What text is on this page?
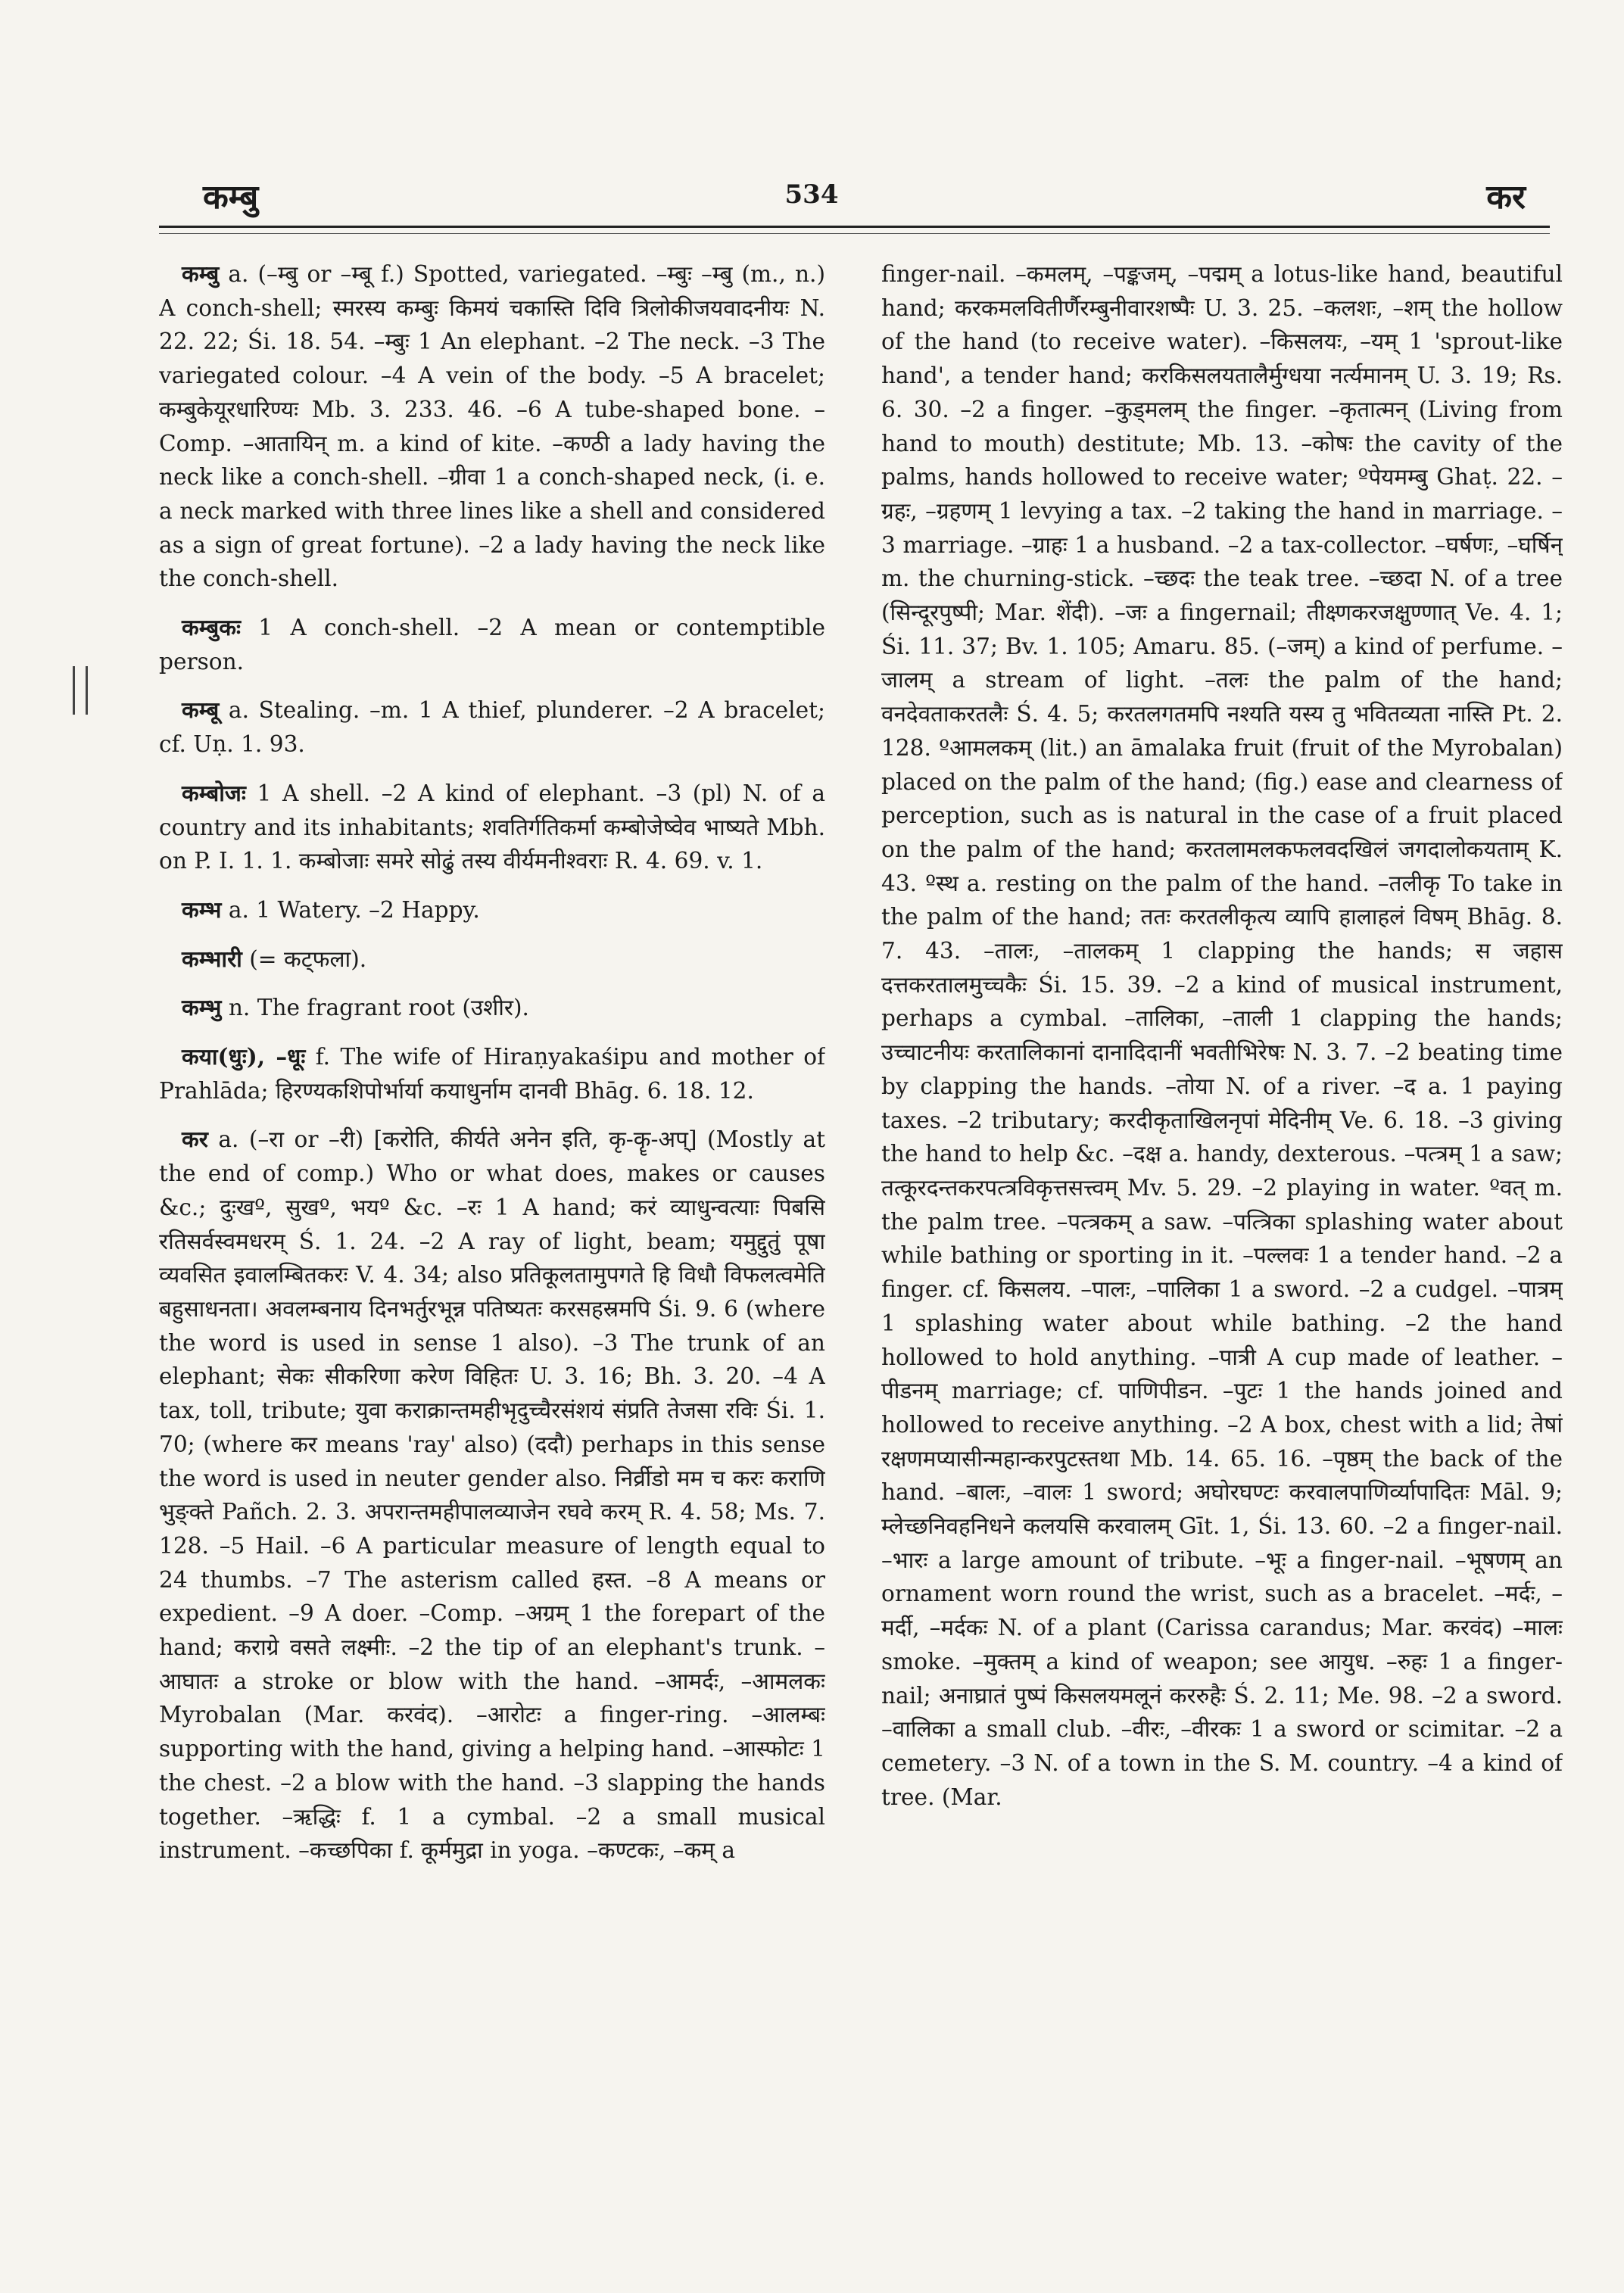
कम्बु	534	कर

कम्बु a. (–म्बु or –म्बू f.) Spotted, variegated. –म्बुः –म्बु (m., n.) A conch-shell; स्मरस्य कम्बुः किमयं चकास्ति दिवि त्रिलोकीजयवादनीयः N. 22. 22; Śi. 18. 54. –म्बुः 1 An elephant. –2 The neck. –3 The variegated colour. –4 A vein of the body. –5 A bracelet; कम्बुकेयूरधारिण्यः Mb. 3. 233. 46. –6 A tube-shaped bone. –Comp. –आतायिन् m. a kind of kite. –कण्ठी a lady having the neck like a conch-shell. –ग्रीवा 1 a conch-shaped neck, (i. e. a neck marked with three lines like a shell and considered as a sign of great fortune). –2 a lady having the neck like the conch-shell.

कम्बुकः 1 A conch-shell. –2 A mean or contemptible person.

कम्बू a. Stealing. –m. 1 A thief, plunderer. –2 A bracelet; cf. Uṇ. 1. 93.

कम्बोजः 1 A shell. –2 A kind of elephant. –3 (pl) N. of a country and its inhabitants; शवतिर्गतिकर्मा कम्बोजेष्वेव भाष्यते Mbh. on P. I. 1. 1. कम्बोजाः समरे सोढुं तस्य वीर्यमनीश्वराः R. 4. 69. v. 1.

कम्भ a. 1 Watery. –2 Happy.

कम्भारी (= कट्फला).

कम्भु n. The fragrant root (उशीर).

कया(धुः), –धूः f. The wife of Hiraṇyakaśipu and mother of Prahlāda; हिरण्यकशिपोर्भार्या कयाधुर्नाम दानवी Bhāg. 6. 18. 12.

कर a. (–रा or –री) [करोति, कीर्यते अनेन इति, कृ-कॄ-अप्] (Mostly at the end of comp.) Who or what does, makes or causes &c.; दुःखº, सुखº, भयº &c. –रः 1 A hand; करं व्याधुन्वत्याः पिबसि रतिसर्वस्वमधरम् Ś. 1. 24. –2 A ray of light, beam; यमुद्दुतुं पूषा व्यवसित इवालम्बितकरः V. 4. 34; also प्रतिकूलतामुपगते हि विधौ विफलत्वमेति बहुसाधनता। अवलम्बनाय दिनभर्तुरभून्न पतिष्यतः करसहस्रमपि Śi. 9. 6 (where the word is used in sense 1 also). –3 The trunk of an elephant; सेकः सीकरिणा करेण विहितः U. 3. 16; Bh. 3. 20. –4 A tax, toll, tribute; युवा कराक्रान्तमहीभृदुच्चैरसंशयं संप्रति तेजसा रविः Śi. 1. 70; (where कर means 'ray' also) (ददौ) perhaps in this sense the word is used in neuter gender also. निर्व्रीडो मम च करः कराणि भुङ्क्ते Pañch. 2. 3. अपरान्तमहीपालव्याजेन रघवे करम् R. 4. 58; Ms. 7. 128. –5 Hail. –6 A particular measure of length equal to 24 thumbs. –7 The asterism called हस्त. –8 A means or expedient. –9 A doer. –Comp. –अग्रम् 1 the forepart of the hand; कराग्रे वसते लक्ष्मीः. –2 the tip of an elephant's trunk. –आघातः a stroke or blow with the hand. –आमर्दः, –आमलकः Myrobalan (Mar. करवंद). –आरोटः a finger-ring. –आलम्बः supporting with the hand, giving a helping hand. –आस्फोटः 1 the chest. –2 a blow with the hand. –3 slapping the hands together. –ऋद्धिः f. 1 a cymbal. –2 a small musical instrument. –कच्छपिका f. कूर्ममुद्रा in yoga. –कण्टकः, –कम् a

finger-nail. –कमलम्, –पङ्कजम्, –पद्मम् a lotus-like hand, beautiful hand; करकमलवितीर्णैरम्बुनीवारशष्पैः U. 3. 25. –कलशः, –शम् the hollow of the hand (to receive water). –किसलयः, –यम् 1 'sprout-like hand', a tender hand; करकिसलयतालैर्मुग्धया नर्त्यमानम् U. 3. 19; Rs. 6. 30. –2 a finger. –कुड्मलम् the finger. –कृतात्मन् (Living from hand to mouth) destitute; Mb. 13. –कोषः the cavity of the palms, hands hollowed to receive water; ºपेयमम्बु Ghaṭ. 22. –ग्रहः, –ग्रहणम् 1 levying a tax. –2 taking the hand in marriage. –3 marriage. –ग्राहः 1 a husband. –2 a tax-collector. –घर्षणः, –घर्षिन् m. the churning-stick. –च्छदः the teak tree. –च्छदा N. of a tree (सिन्दूरपुष्पी; Mar. शेंदी). –जः a fingernail; तीक्ष्णकरजक्षुण्णात् Ve. 4. 1; Śi. 11. 37; Bv. 1. 105; Amaru. 85. (–जम्) a kind of perfume. –जालम् a stream of light. –तलः the palm of the hand; वनदेवताकरतलैः Ś. 4. 5; करतलगतमपि नश्यति यस्य तु भवितव्यता नास्ति Pt. 2. 128. ºआमलकम् (lit.) an āmalaka fruit (fruit of the Myrobalan) placed on the palm of the hand; (fig.) ease and clearness of perception, such as is natural in the case of a fruit placed on the palm of the hand; करतलामलकफलवदखिलं जगदालोकयताम् K. 43. ºस्थ a. resting on the palm of the hand. –तलीकृ To take in the palm of the hand; ततः करतलीकृत्य व्यापि हालाहलं विषम् Bhāg. 8. 7. 43. –तालः, –तालकम् 1 clapping the hands; स जहास दत्तकरतालमुच्चकैः Śi. 15. 39. –2 a kind of musical instrument, perhaps a cymbal. –तालिका, –ताली 1 clapping the hands; उच्चाटनीयः करतालिकानां दानादिदानीं भवतीभिरेषः N. 3. 7. –2 beating time by clapping the hands. –तोया N. of a river. –द a. 1 paying taxes. –2 tributary; करदीकृताखिलनृपां मेदिनीम् Ve. 6. 18. –3 giving the hand to help &c. –दक्ष a. handy, dexterous. –पत्त्रम् 1 a saw; तत्कूरदन्तकरपत्त्रविकृत्तसत्त्वम् Mv. 5. 29. –2 playing in water. ºवत् m. the palm tree. –पत्त्रकम् a saw. –पत्त्रिका splashing water about while bathing or sporting in it. –पल्लवः 1 a tender hand. –2 a finger. cf. किसलय. –पालः, –पालिका 1 a sword. –2 a cudgel. –पात्रम् 1 splashing water about while bathing. –2 the hand hollowed to hold anything. –पात्री A cup made of leather. –पीडनम् marriage; cf. पाणिपीडन. –पुटः 1 the hands joined and hollowed to receive anything. –2 A box, chest with a lid; तेषां रक्षणमप्यासीन्महान्करपुटस्तथा Mb. 14. 65. 16. –पृष्ठम् the back of the hand. –बालः, –वालः 1 sword; अघोरघण्टः करवालपाणिर्व्यापादितः Māl. 9; म्लेच्छनिवहनिधने कलयसि करवालम् Gīt. 1, Śi. 13. 60. –2 a finger-nail. –भारः a large amount of tribute. –भूः a finger-nail. –भूषणम् an ornament worn round the wrist, such as a bracelet. –मर्दः, –मर्दी, –मर्दकः N. of a plant (Carissa carandus; Mar. करवंद) –मालः smoke. –मुक्तम् a kind of weapon; see आयुध. –रुहः 1 a finger-nail; अनाघ्रातं पुष्पं किसलयमलूनं कररुहैः Ś. 2. 11; Me. 98. –2 a sword. –वालिका a small club. –वीरः, –वीरकः 1 a sword or scimitar. –2 a cemetery. –3 N. of a town in the S. M. country. –4 a kind of tree. (Mar.
